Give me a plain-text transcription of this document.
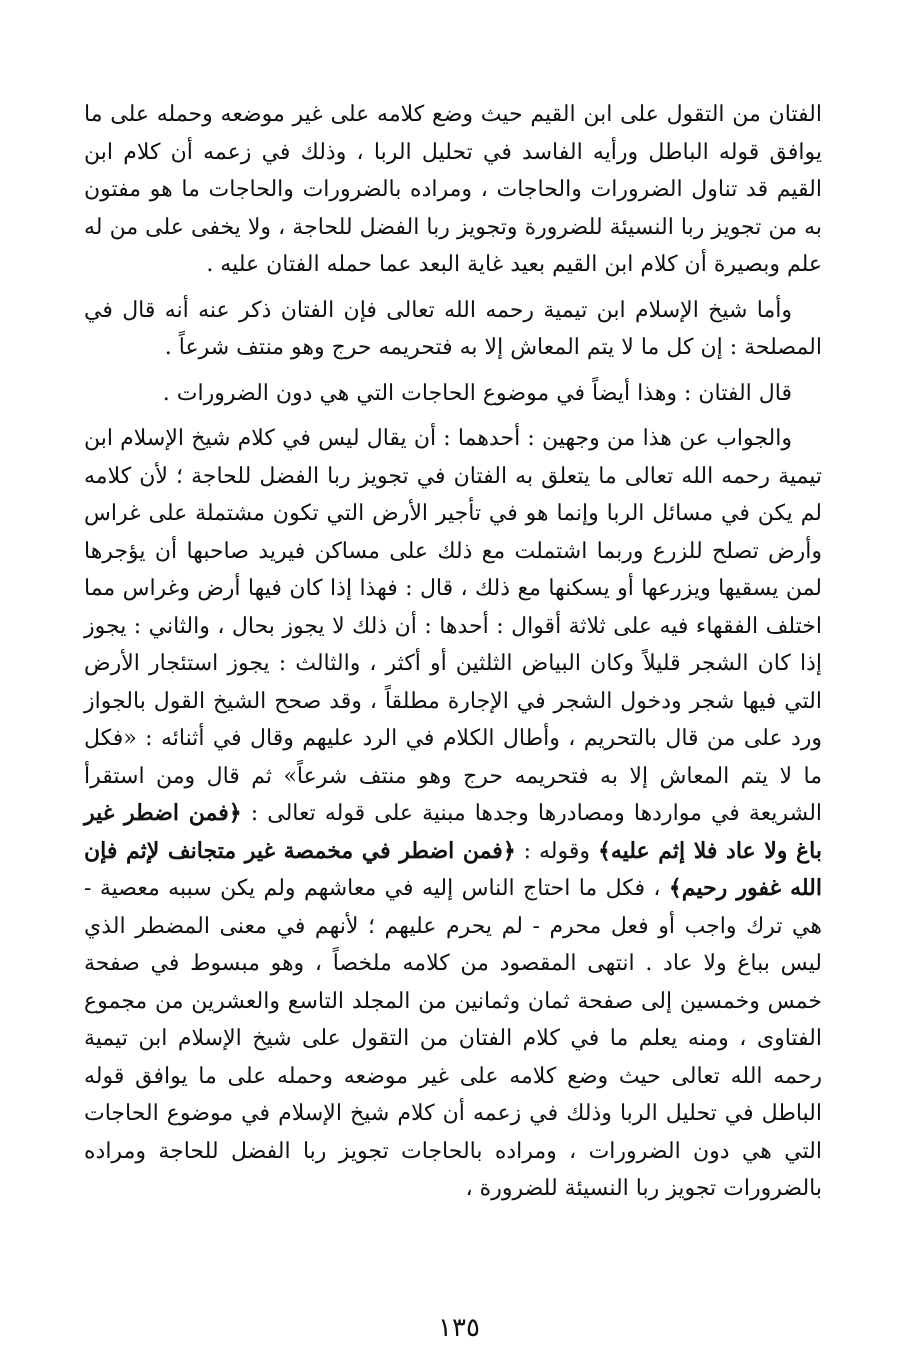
الفتان من التقول على ابن القيم حيث وضع كلامه على غير موضعه وحمله على ما يوافق قوله الباطل ورأيه الفاسد في تحليل الربا ، وذلك في زعمه أن كلام ابن القيم قد تناول الضرورات والحاجات ، ومراده بالضرورات والحاجات ما هو مفتون به من تجويز ربا النسيئة للضرورة وتجويز ربا الفضل للحاجة ، ولا يخفى على من له علم وبصيرة أن كلام ابن القيم بعيد غاية البعد عما حمله الفتان عليه .

وأما شيخ الإسلام ابن تيمية رحمه الله تعالى فإن الفتان ذكر عنه أنه قال في المصلحة : إن كل ما لا يتم المعاش إلا به فتحريمه حرج وهو منتف شرعاً .

قال الفتان : وهذا أيضاً في موضوع الحاجات التي هي دون الضرورات .

والجواب عن هذا من وجهين : أحدهما : أن يقال ليس في كلام شيخ الإسلام ابن تيمية رحمه الله تعالى ما يتعلق به الفتان في تجويز ربا الفضل للحاجة ؛ لأن كلامه لم يكن في مسائل الربا وإنما هو في تأجير الأرض التي تكون مشتملة على غراس وأرض تصلح للزرع وربما اشتملت مع ذلك على مساكن فيريد صاحبها أن يؤجرها لمن يسقيها ويزرعها أو يسكنها مع ذلك ، قال : فهذا إذا كان فيها أرض وغراس مما اختلف الفقهاء فيه على ثلاثة أقوال : أحدها : أن ذلك لا يجوز بحال ، والثاني : يجوز إذا كان الشجر قليلاً وكان البياض الثلثين أو أكثر ، والثالث : يجوز استئجار الأرض التي فيها شجر ودخول الشجر في الإجارة مطلقاً ، وقد صحح الشيخ القول بالجواز ورد على من قال بالتحريم ، وأطال الكلام في الرد عليهم وقال في أثنائه : «فكل ما لا يتم المعاش إلا به فتحريمه حرج وهو منتف شرعاً» ثم قال ومن استقرأ الشريعة في مواردها ومصادرها وجدها مبنية على قوله تعالى : ﴿فمن اضطر غير باغ ولا عاد فلا إثم عليه﴾ وقوله : ﴿فمن اضطر في مخمصة غير متجانف لإثم فإن الله غفور رحيم﴾ ، فكل ما احتاج الناس إليه في معاشهم ولم يكن سببه معصية - هي ترك واجب أو فعل محرم - لم يحرم عليهم ؛ لأنهم في معنى المضطر الذي ليس بباغ ولا عاد . انتهى المقصود من كلامه ملخصاً ، وهو مبسوط في صفحة خمس وخمسين إلى صفحة ثمان وثمانين من المجلد التاسع والعشرين من مجموع الفتاوى ، ومنه يعلم ما في كلام الفتان من التقول على شيخ الإسلام ابن تيمية رحمه الله تعالى حيث وضع كلامه على غير موضعه وحمله على ما يوافق قوله الباطل في تحليل الربا وذلك في زعمه أن كلام شيخ الإسلام في موضوع الحاجات التي هي دون الضرورات ، ومراده بالحاجات تجويز ربا الفضل للحاجة ومراده بالضرورات تجويز ربا النسيئة للضرورة ،

١٣٥
